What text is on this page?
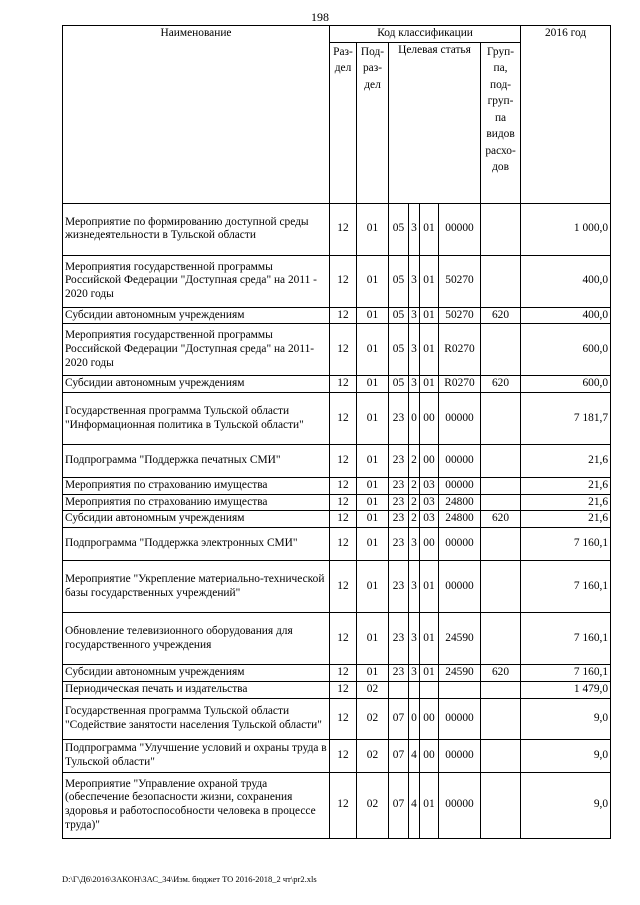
198
Наименование	Код классификации							2016 год
	Раз-дел	Под-раз-дел	Целевая статья				Груп-па, под-груп-па видов расхо-дов	
Мероприятие по формированию доступной среды жизнедеятельности в Тульской области	12	01	05	3	01	00000		1 000,0
Мероприятия государственной программы Российской Федерации "Доступная среда" на 2011 - 2020 годы	12	01	05	3	01	50270		400,0
Субсидии автономным учреждениям	12	01	05	3	01	50270	620	400,0
Мероприятия государственной программы Российской Федерации "Доступная среда" на 2011-2020 годы	12	01	05	3	01	R0270		600,0
Субсидии автономным учреждениям	12	01	05	3	01	R0270	620	600,0
Государственная программа Тульской области "Информационная политика в Тульской области"	12	01	23	0	00	00000		7 181,7
Подпрограмма "Поддержка печатных СМИ"	12	01	23	2	00	00000		21,6
Мероприятия по страхованию имущества	12	01	23	2	03	00000		21,6
Мероприятия по страхованию имущества	12	01	23	2	03	24800		21,6
Субсидии автономным учреждениям	12	01	23	2	03	24800	620	21,6
Подпрограмма "Поддержка электронных СМИ"	12	01	23	3	00	00000		7 160,1
Мероприятие "Укрепление материально-технической базы государственных учреждений"	12	01	23	3	01	00000		7 160,1
Обновление телевизионного оборудования для государственного учреждения	12	01	23	3	01	24590		7 160,1
Субсидии автономным учреждениям	12	01	23	3	01	24590	620	7 160,1
Периодическая печать и издательства	12	02						1 479,0
Государственная программа Тульской области "Содействие занятости населения Тульской области"	12	02	07	0	00	00000		9,0
Подпрограмма "Улучшение условий и охраны труда в Тульской области"	12	02	07	4	00	00000		9,0
Мероприятие "Управление охраной труда (обеспечение безопасности жизни, сохранения здоровья и работоспособности человека в процессе труда)"	12	02	07	4	01	00000		9,0
D:\Г\Д6\2016\ЗАКОН\ЗАС_34\Изм. бюджет ТО 2016-2018_2 чт\pr2.xls
